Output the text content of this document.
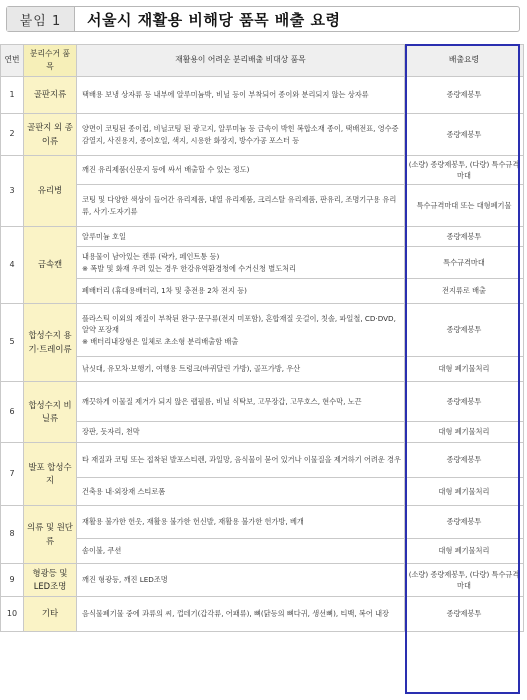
붙임 1	서울시 재활용 비해당 품목 배출 요령
연번	분리수거 품목	재활용이 어려운 분리배출 비대상 품목	배출요령
1	골판지류	택배용 보냉 상자류 등 내부에 알루미늄박, 비닐 등이 부착되어 종이와 분리되지 않는 상자류	종량제봉투
2	골판지 외 종이류	양면이 코팅된 종이컵, 비닐코팅 된 광고지, 알루미늄 등 금속이 박힌 복합소재 종이, 택배전표, 영수증 감열지, 사진용지, 종이호일, 색지, 시용한 화장지, 방수가공 포스터 등	종량제봉투
3	유리병	깨진 유리제품(신문지 등에 싸서 배출할 수 있는 정도)	(소량) 종량제봉투, (다량) 특수규격마대
		코팅 및 다양한 색상이 들어간 유리제품, 내열 유리제품, 크리스탈 유리제품, 판유리, 조명기구용 유리류, 사기·도자기류	특수규격마대 또는 대형폐기물
4	금속캔	알루미늄 호일	종량제봉투

		내용물이 남아있는 캔류 (락카, 페인트통 등)
※ 폭발 및 화재 우려 있는 경우 한강유역환경청에 수거신청 별도처리	특수규격마대
		폐배터리 (휴대용배터리, 1차 및 충전용 2차 전지 등)	전지류로 배출
5	합성수지 용기·트레이류	플라스틱 이외의 재질이 부착된 완구·문구류(전지 미포함), 혼합재질 옷걸이, 칫솔, 파일철, CD·DVD, 알약 포장재
※ 배터리내장형은 일체로 초소형 분리배출함 배출	종량제봉투
		낚싯대, 유모차·보행기, 여행용 트렁크(바퀴달린 가방), 골프가방, 우산	대형 폐기물처리
6	합성수지 비닐류	깨끗하게 이물질 제거가 되지 않은 랩필름, 비닐 식탁보, 고무장갑, 고무호스, 현수막, 노끈	종량제봉투
		장판, 돗자리, 천막	대형 폐기물처리
7	발포 합성수지	타 재질과 코팅 또는 접착된 발포스티렌, 과일망, 음식물이 묻어 있거나 이물질을 제거하기 어려운 경우	종량제봉투
		건축용 내·외장재 스티로폼	대형 폐기물처리
8	의류 및 원단류	재활용 불가한 헌옷, 재활용 불가한 헌신발, 재활용 불가한 헌가방, 베개	종량제봉투
		솜이불, 쿠션	대형 폐기물처리
9	형광등 및 LED조명	깨진 형광등, 깨진 LED조명	(소량) 종량제봉투, (다량) 특수규격마대
10	기타	음식물폐기물 중에 과류의 씨, 껍데기(갑각류, 어패류), 뼈(닭등의 뼈다귀, 생선뼈), 티백, 복어 내장	종량제봉투
